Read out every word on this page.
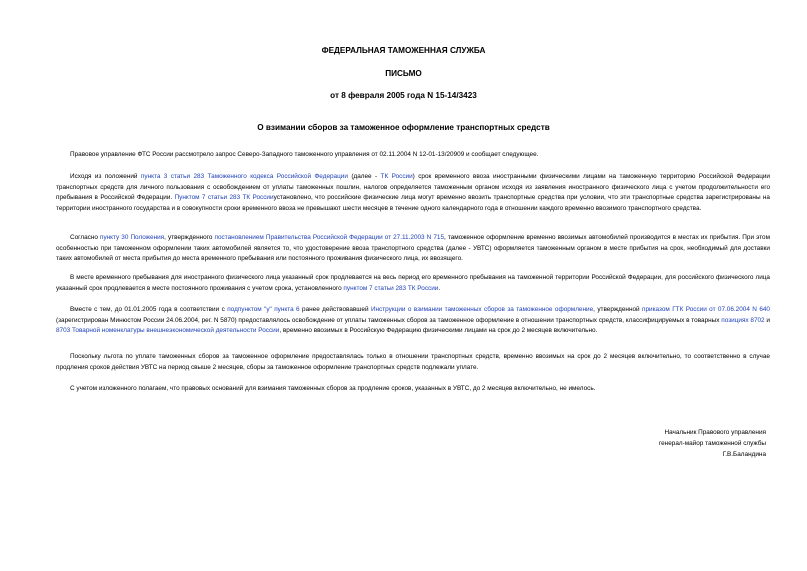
ФЕДЕРАЛЬНАЯ ТАМОЖЕННАЯ СЛУЖБА
ПИСЬМО
от 8 февраля 2005 года N 15-14/3423
О взимании сборов за таможенное оформление транспортных средств
Правовое управление ФТС России рассмотрело запрос Северо-Западного таможенного управления от 02.11.2004 N 12-01-13/20909 и сообщает следующее.
Исходя из положений пункта 3 статьи 283 Таможенного кодекса Российской Федерации (далее - ТК России) срок временного ввоза иностранными физическими лицами на таможенную территорию Российской Федерации транспортных средств для личного пользования с освобождением от уплаты таможенных пошлин, налогов определяется таможенным органом исходя из заявления иностранного физического лица с учетом продолжительности его пребывания в Российской Федерации. Пунктом 7 статьи 283 ТК Россииустановлено, что российские физические лица могут временно ввозить транспортные средства при условии, что эти транспортные средства зарегистрированы на территории иностранного государства и в совокупности сроки временного ввоза не превышают шести месяцев в течение одного календарного года в отношении каждого временно ввозимого транспортного средства.
Согласно пункту 30 Положения, утвержденного постановлением Правительства Российской Федерации от 27.11.2003 N 715, таможенное оформление временно ввозимых автомобилей производится в местах их прибытия. При этом особенностью при таможенном оформлении таких автомобилей является то, что удостоверение ввоза транспортного средства (далее - УВТС) оформляется таможенным органом в месте прибытия на срок, необходимый для доставки таких автомобилей от места прибытия до места временного пребывания или постоянного проживания физического лица, их ввозящего.
В месте временного пребывания для иностранного физического лица указанный срок продлевается на весь период его временного пребывания на таможенной территории Российской Федерации, для российского физического лица указанный срок продлевается в месте постоянного проживания с учетом срока, установленного пунктом 7 статьи 283 ТК России.
Вместе с тем, до 01.01.2005 года в соответствии с подпунктом "у" пункта 6 ранее действовавшей Инструкции о взимании таможенных сборов за таможенное оформление, утвержденной приказом ГТК России от 07.06.2004 N 640 (зарегистрирован Минюстом России 24.06.2004, рег. N 5870) предоставлялось освобождение от уплаты таможенных сборов за таможенное оформление в отношении транспортных средств, классифицируемых в товарных позициях 8702 и 8703 Товарной номенклатуры внешнеэкономической деятельности России, временно ввозимых в Российскую Федерацию физическими лицами на срок до 2 месяцев включительно.
Поскольку льгота по уплате таможенных сборов за таможенное оформление предоставлялась только в отношении транспортных средств, временно ввозимых на срок до 2 месяцев включительно, то соответственно в случае продления сроков действия УВТС на период свыше 2 месяцев, сборы за таможенное оформление транспортных средств подлежали уплате.
С учетом изложенного полагаем, что правовых оснований для взимания таможенных сборов за продление сроков, указанных в УВТС, до 2 месяцев включительно, не имелось.
Начальник Правового управления
генерал-майор таможенной службы
Г.В.Баландина
